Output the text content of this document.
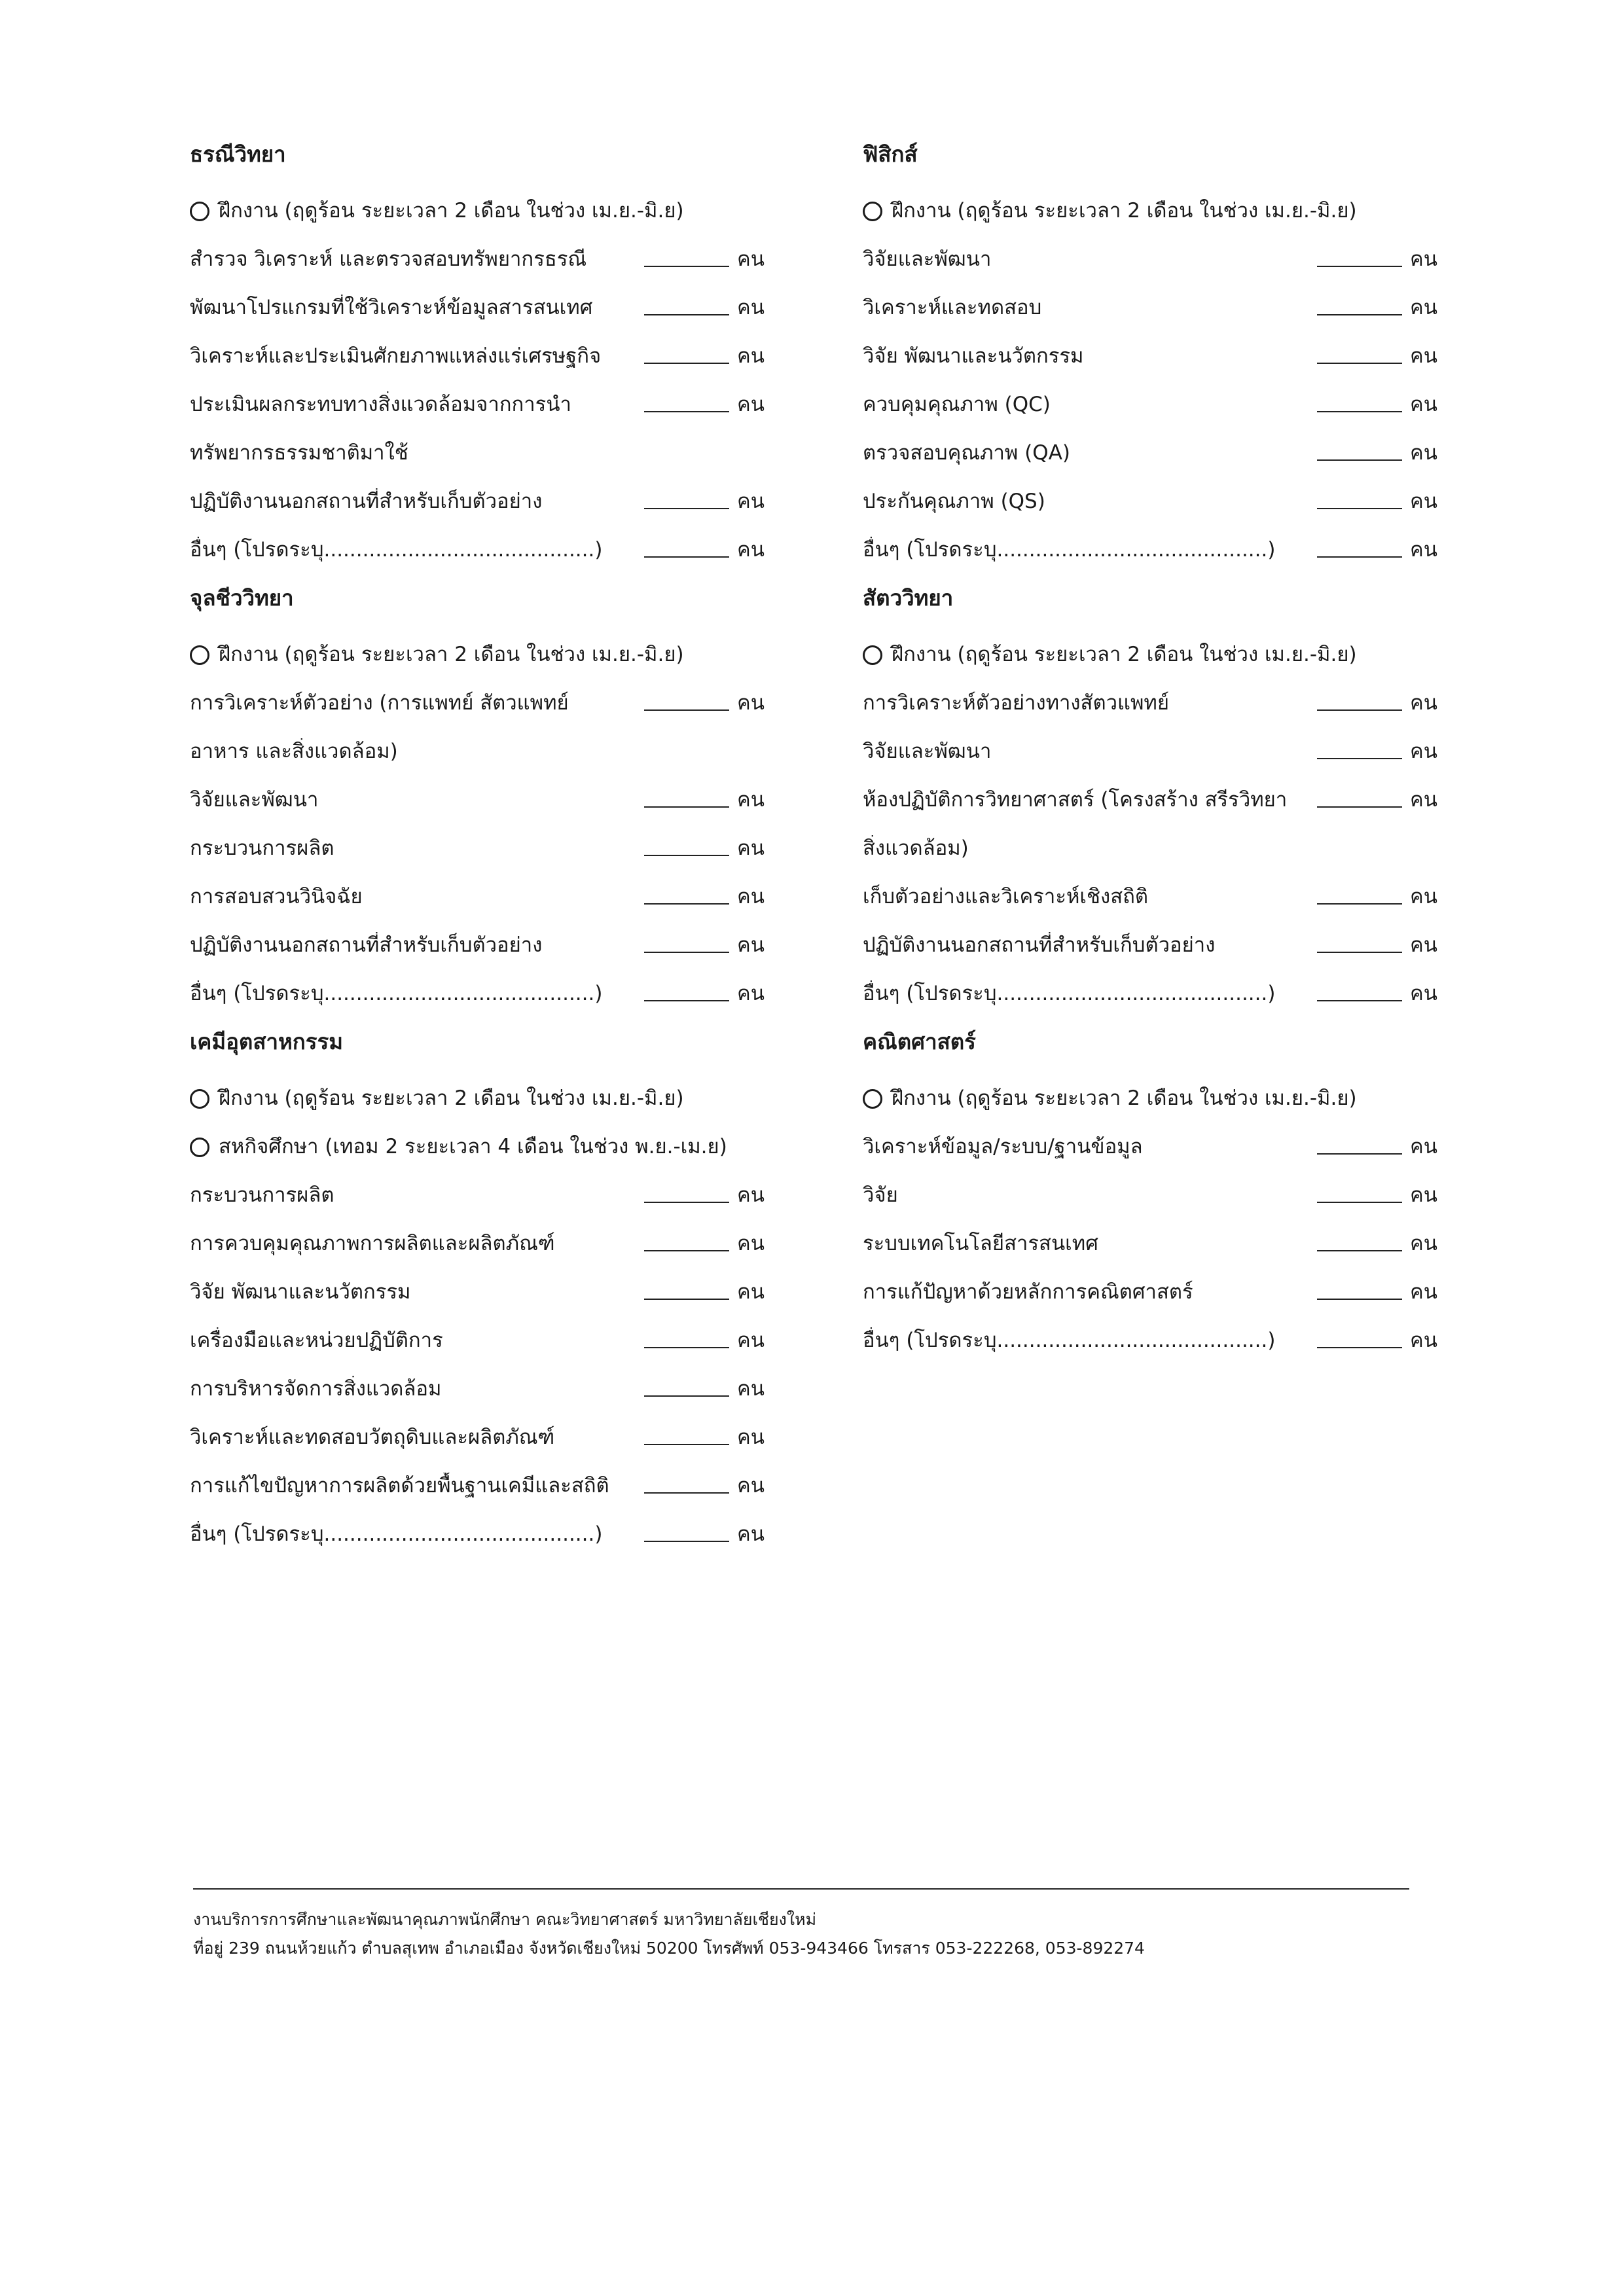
ธรณีวิทยา
ฝึกงาน (ฤดูร้อน ระยะเวลา 2 เดือน ในช่วง เม.ย.-มิ.ย)
สำรวจ วิเคราะห์ และตรวจสอบทรัพยากรธรณี	คน
พัฒนาโปรแกรมที่ใช้วิเคราะห์ข้อมูลสารสนเทศ	คน
วิเคราะห์และประเมินศักยภาพแหล่งแร่เศรษฐกิจ	คน
ประเมินผลกระทบทางสิ่งแวดล้อมจากการนำ	คน
ทรัพยากรธรรมชาติมาใช้
ปฏิบัติงานนอกสถานที่สำหรับเก็บตัวอย่าง	คน
อื่นๆ (โปรดระบุ..........................................)	คน
จุลชีววิทยา
ฝึกงาน (ฤดูร้อน ระยะเวลา 2 เดือน ในช่วง เม.ย.-มิ.ย)
การวิเคราะห์ตัวอย่าง (การแพทย์ สัตวแพทย์	คน
อาหาร และสิ่งแวดล้อม)
วิจัยและพัฒนา	คน
กระบวนการผลิต	คน
การสอบสวนวินิจฉัย	คน
ปฏิบัติงานนอกสถานที่สำหรับเก็บตัวอย่าง	คน
อื่นๆ (โปรดระบุ..........................................)	คน
เคมีอุตสาหกรรม
ฝึกงาน (ฤดูร้อน ระยะเวลา 2 เดือน ในช่วง เม.ย.-มิ.ย)
สหกิจศึกษา (เทอม 2 ระยะเวลา 4 เดือน ในช่วง พ.ย.-เม.ย)
กระบวนการผลิต	คน
การควบคุมคุณภาพการผลิตและผลิตภัณฑ์	คน
วิจัย พัฒนาและนวัตกรรม	คน
เครื่องมือและหน่วยปฏิบัติการ	คน
การบริหารจัดการสิ่งแวดล้อม	คน
วิเคราะห์และทดสอบวัตถุดิบและผลิตภัณฑ์	คน
การแก้ไขปัญหาการผลิตด้วยพื้นฐานเคมีและสถิติ	คน
อื่นๆ (โปรดระบุ..........................................)	คน
ฟิสิกส์
ฝึกงาน (ฤดูร้อน ระยะเวลา 2 เดือน ในช่วง เม.ย.-มิ.ย)
วิจัยและพัฒนา	คน
วิเคราะห์และทดสอบ	คน
วิจัย พัฒนาและนวัตกรรม	คน
ควบคุมคุณภาพ (QC)	คน
ตรวจสอบคุณภาพ (QA)	คน
ประกันคุณภาพ (QS)	คน
อื่นๆ (โปรดระบุ..........................................)	คน
สัตววิทยา
ฝึกงาน (ฤดูร้อน ระยะเวลา 2 เดือน ในช่วง เม.ย.-มิ.ย)
การวิเคราะห์ตัวอย่างทางสัตวแพทย์	คน
วิจัยและพัฒนา	คน
ห้องปฏิบัติการวิทยาศาสตร์ (โครงสร้าง สรีรวิทยา	คน
สิ่งแวดล้อม)
เก็บตัวอย่างและวิเคราะห์เชิงสถิติ	คน
ปฏิบัติงานนอกสถานที่สำหรับเก็บตัวอย่าง	คน
อื่นๆ (โปรดระบุ..........................................)	คน
คณิตศาสตร์
ฝึกงาน (ฤดูร้อน ระยะเวลา 2 เดือน ในช่วง เม.ย.-มิ.ย)
วิเคราะห์ข้อมูล/ระบบ/ฐานข้อมูล	คน
วิจัย	คน
ระบบเทคโนโลยีสารสนเทศ	คน
การแก้ปัญหาด้วยหลักการคณิตศาสตร์	คน
อื่นๆ (โปรดระบุ..........................................)	คน
งานบริการการศึกษาและพัฒนาคุณภาพนักศึกษา คณะวิทยาศาสตร์ มหาวิทยาลัยเชียงใหม่
ที่อยู่ 239 ถนนห้วยแก้ว ตำบลสุเทพ อำเภอเมือง จังหวัดเชียงใหม่ 50200 โทรศัพท์ 053-943466 โทรสาร 053-222268, 053-892274
